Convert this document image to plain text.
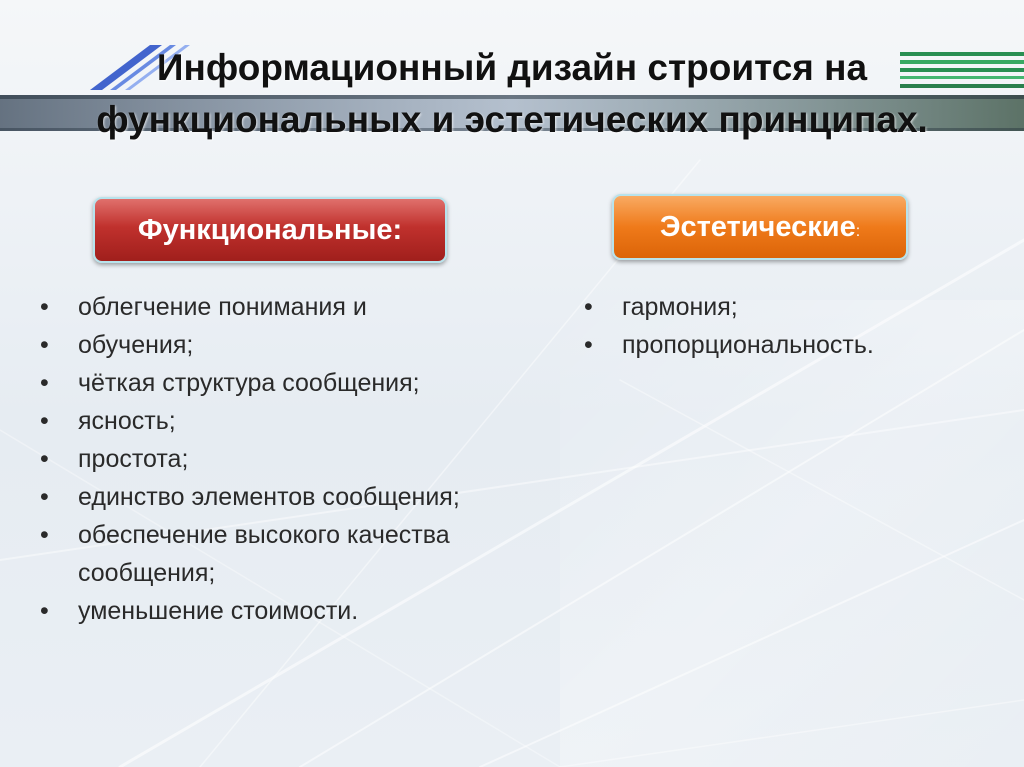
Информационный дизайн строится на
функциональных и эстетических принципах.
Функциональные:	Эстетические:
• облегчение понимания и
• обучения;
• чёткая структура сообщения;
• ясность;
• простота;
• единство элементов сообщения;
• обеспечение высокого качества сообщения;
• уменьшение стоимости.
• гармония;
• пропорциональность.
